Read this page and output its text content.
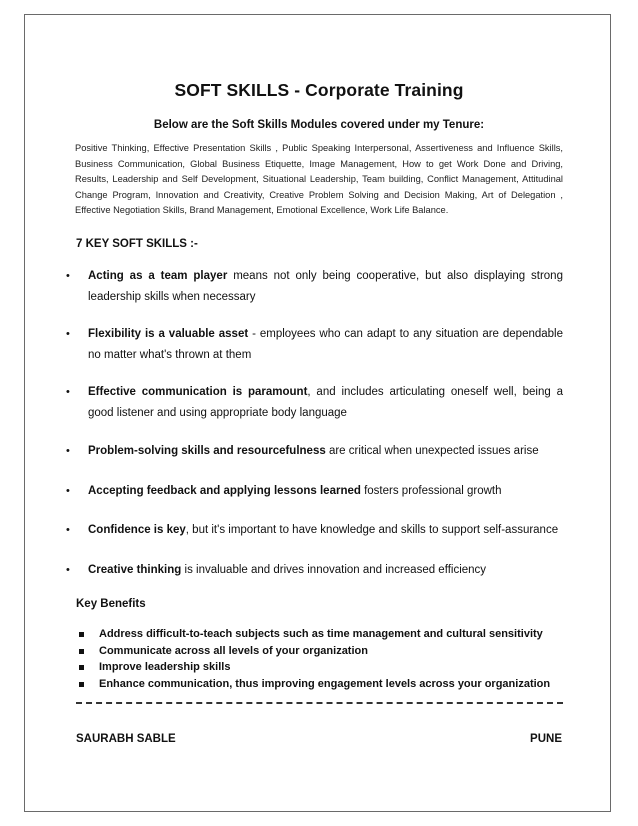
SOFT SKILLS - Corporate Training
Below are the Soft Skills Modules covered under my Tenure:

Positive Thinking, Effective Presentation Skills , Public Speaking Interpersonal, Assertiveness and Influence Skills, Business Communication, Global Business Etiquette, Image Management, How to get Work Done and Driving, Results, Leadership and Self Development, Situational Leadership, Team building, Conflict Management, Attitudinal Change Program, Innovation and Creativity, Creative Problem Solving and Decision Making, Art of Delegation , Effective Negotiation Skills, Brand Management, Emotional Excellence, Work Life Balance.

7 KEY SOFT SKILLS :-
• Acting as a team player means not only being cooperative, but also displaying strong leadership skills when necessary
• Flexibility is a valuable asset - employees who can adapt to any situation are dependable no matter what's thrown at them
• Effective communication is paramount, and includes articulating oneself well, being a good listener and using appropriate body language
• Problem-solving skills and resourcefulness are critical when unexpected issues arise
• Accepting feedback and applying lessons learned fosters professional growth
• Confidence is key, but it's important to have knowledge and skills to support self-assurance
• Creative thinking is invaluable and drives innovation and increased efficiency
Key Benefits
Address difficult-to-teach subjects such as time management and cultural sensitivity
Communicate across all levels of your organization
Improve leadership skills
Enhance communication, thus improving engagement levels across your organization
SAURABH SABLE	PUNE
